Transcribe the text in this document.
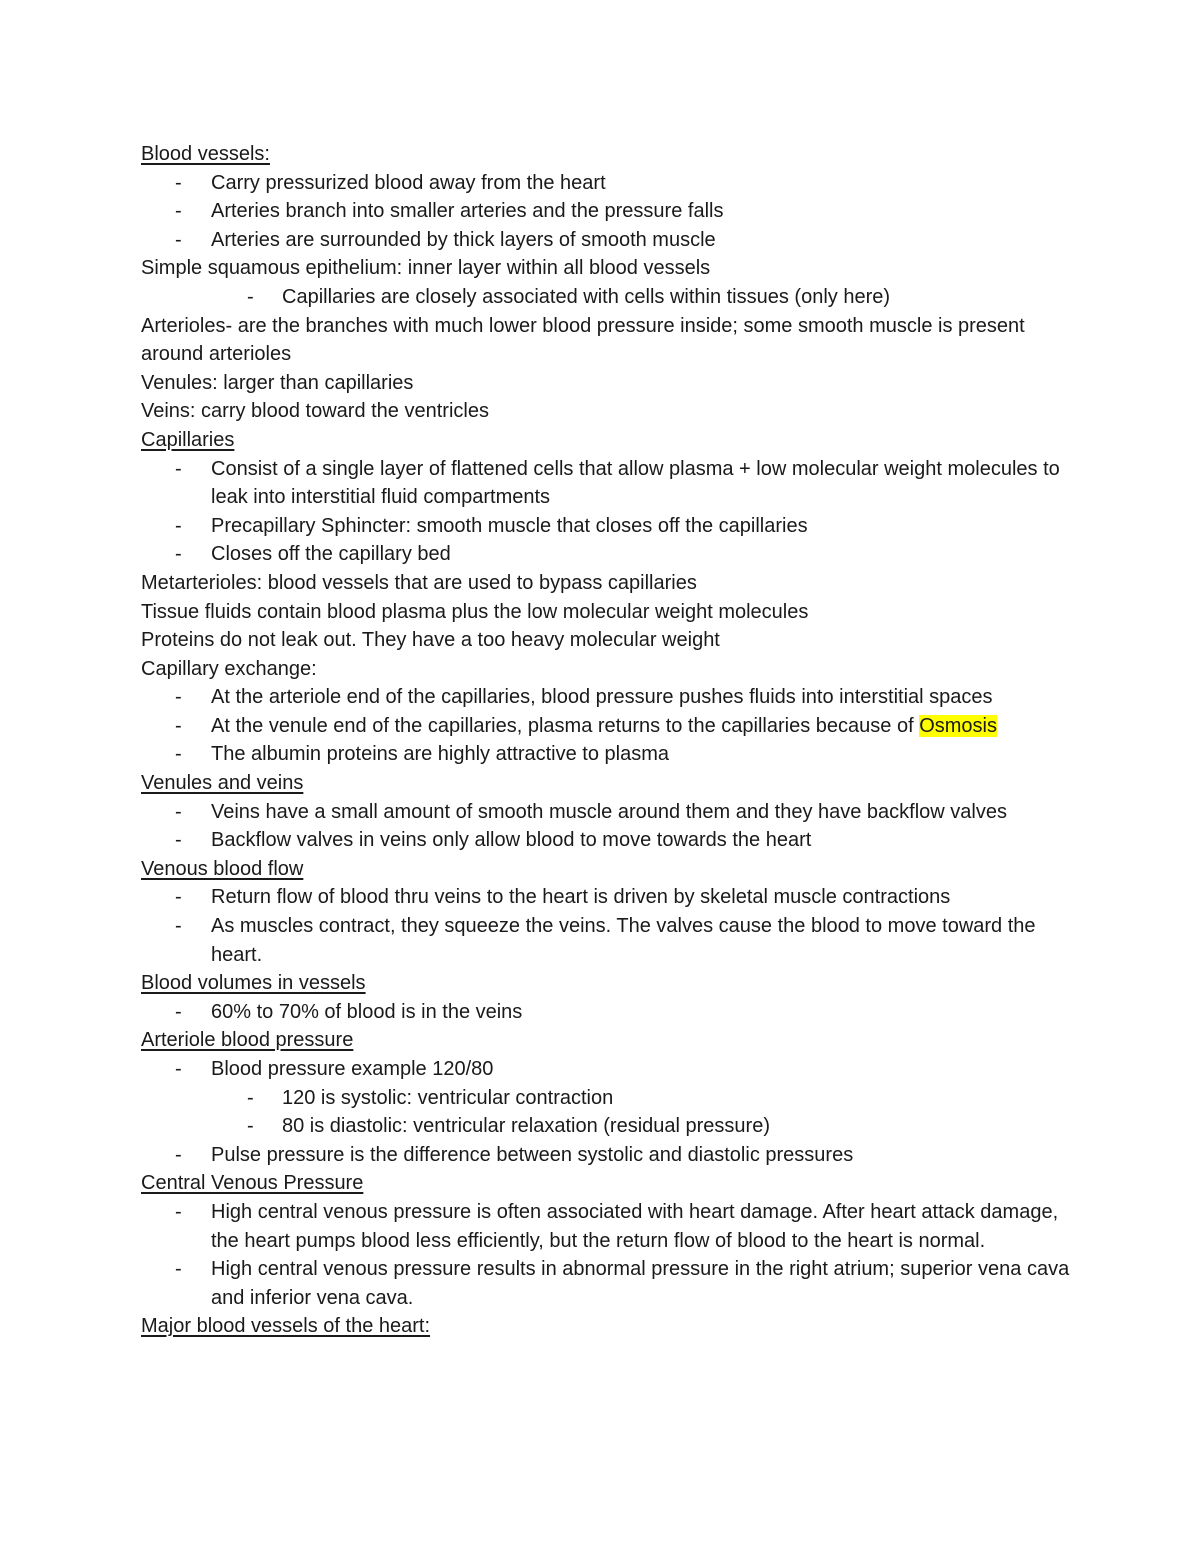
Blood vessels:

- Carry pressurized blood away from the heart

- Arteries branch into smaller arteries and the pressure falls

- Arteries are surrounded by thick layers of smooth muscle

Simple squamous epithelium: inner layer within all blood vessels

- Capillaries are closely associated with cells within tissues (only here)

Arterioles- are the branches with much lower blood pressure inside; some smooth muscle is present around arterioles

Venules: larger than capillaries

Veins: carry blood toward the ventricles

Capillaries

- Consist of a single layer of flattened cells that allow plasma + low molecular weight molecules to leak into interstitial fluid compartments

- Precapillary Sphincter: smooth muscle that closes off the capillaries

- Closes off the capillary bed

Metarterioles: blood vessels that are used to bypass capillaries

Tissue fluids contain blood plasma plus the low molecular weight molecules

Proteins do not leak out. They have a too heavy molecular weight

Capillary exchange:

- At the arteriole end of the capillaries, blood pressure pushes fluids into interstitial spaces

- At the venule end of the capillaries, plasma returns to the capillaries because of Osmosis

- The albumin proteins are highly attractive to plasma

Venules and veins

- Veins have a small amount of smooth muscle around them and they have backflow valves

- Backflow valves in veins only allow blood to move towards the heart

Venous blood flow

- Return flow of blood thru veins to the heart is driven by skeletal muscle contractions

- As muscles contract, they squeeze the veins. The valves cause the blood to move toward the heart.

Blood volumes in vessels

- 60% to 70% of blood is in the veins

Arteriole blood pressure

- Blood pressure example 120/80

- 120 is systolic: ventricular contraction

- 80 is diastolic: ventricular relaxation (residual pressure)

- Pulse pressure is the difference between systolic and diastolic pressures

Central Venous Pressure

- High central venous pressure is often associated with heart damage. After heart attack damage, the heart pumps blood less efficiently, but the return flow of blood to the heart is normal.

- High central venous pressure results in abnormal pressure in the right atrium; superior vena cava and inferior vena cava.

Major blood vessels of the heart:
